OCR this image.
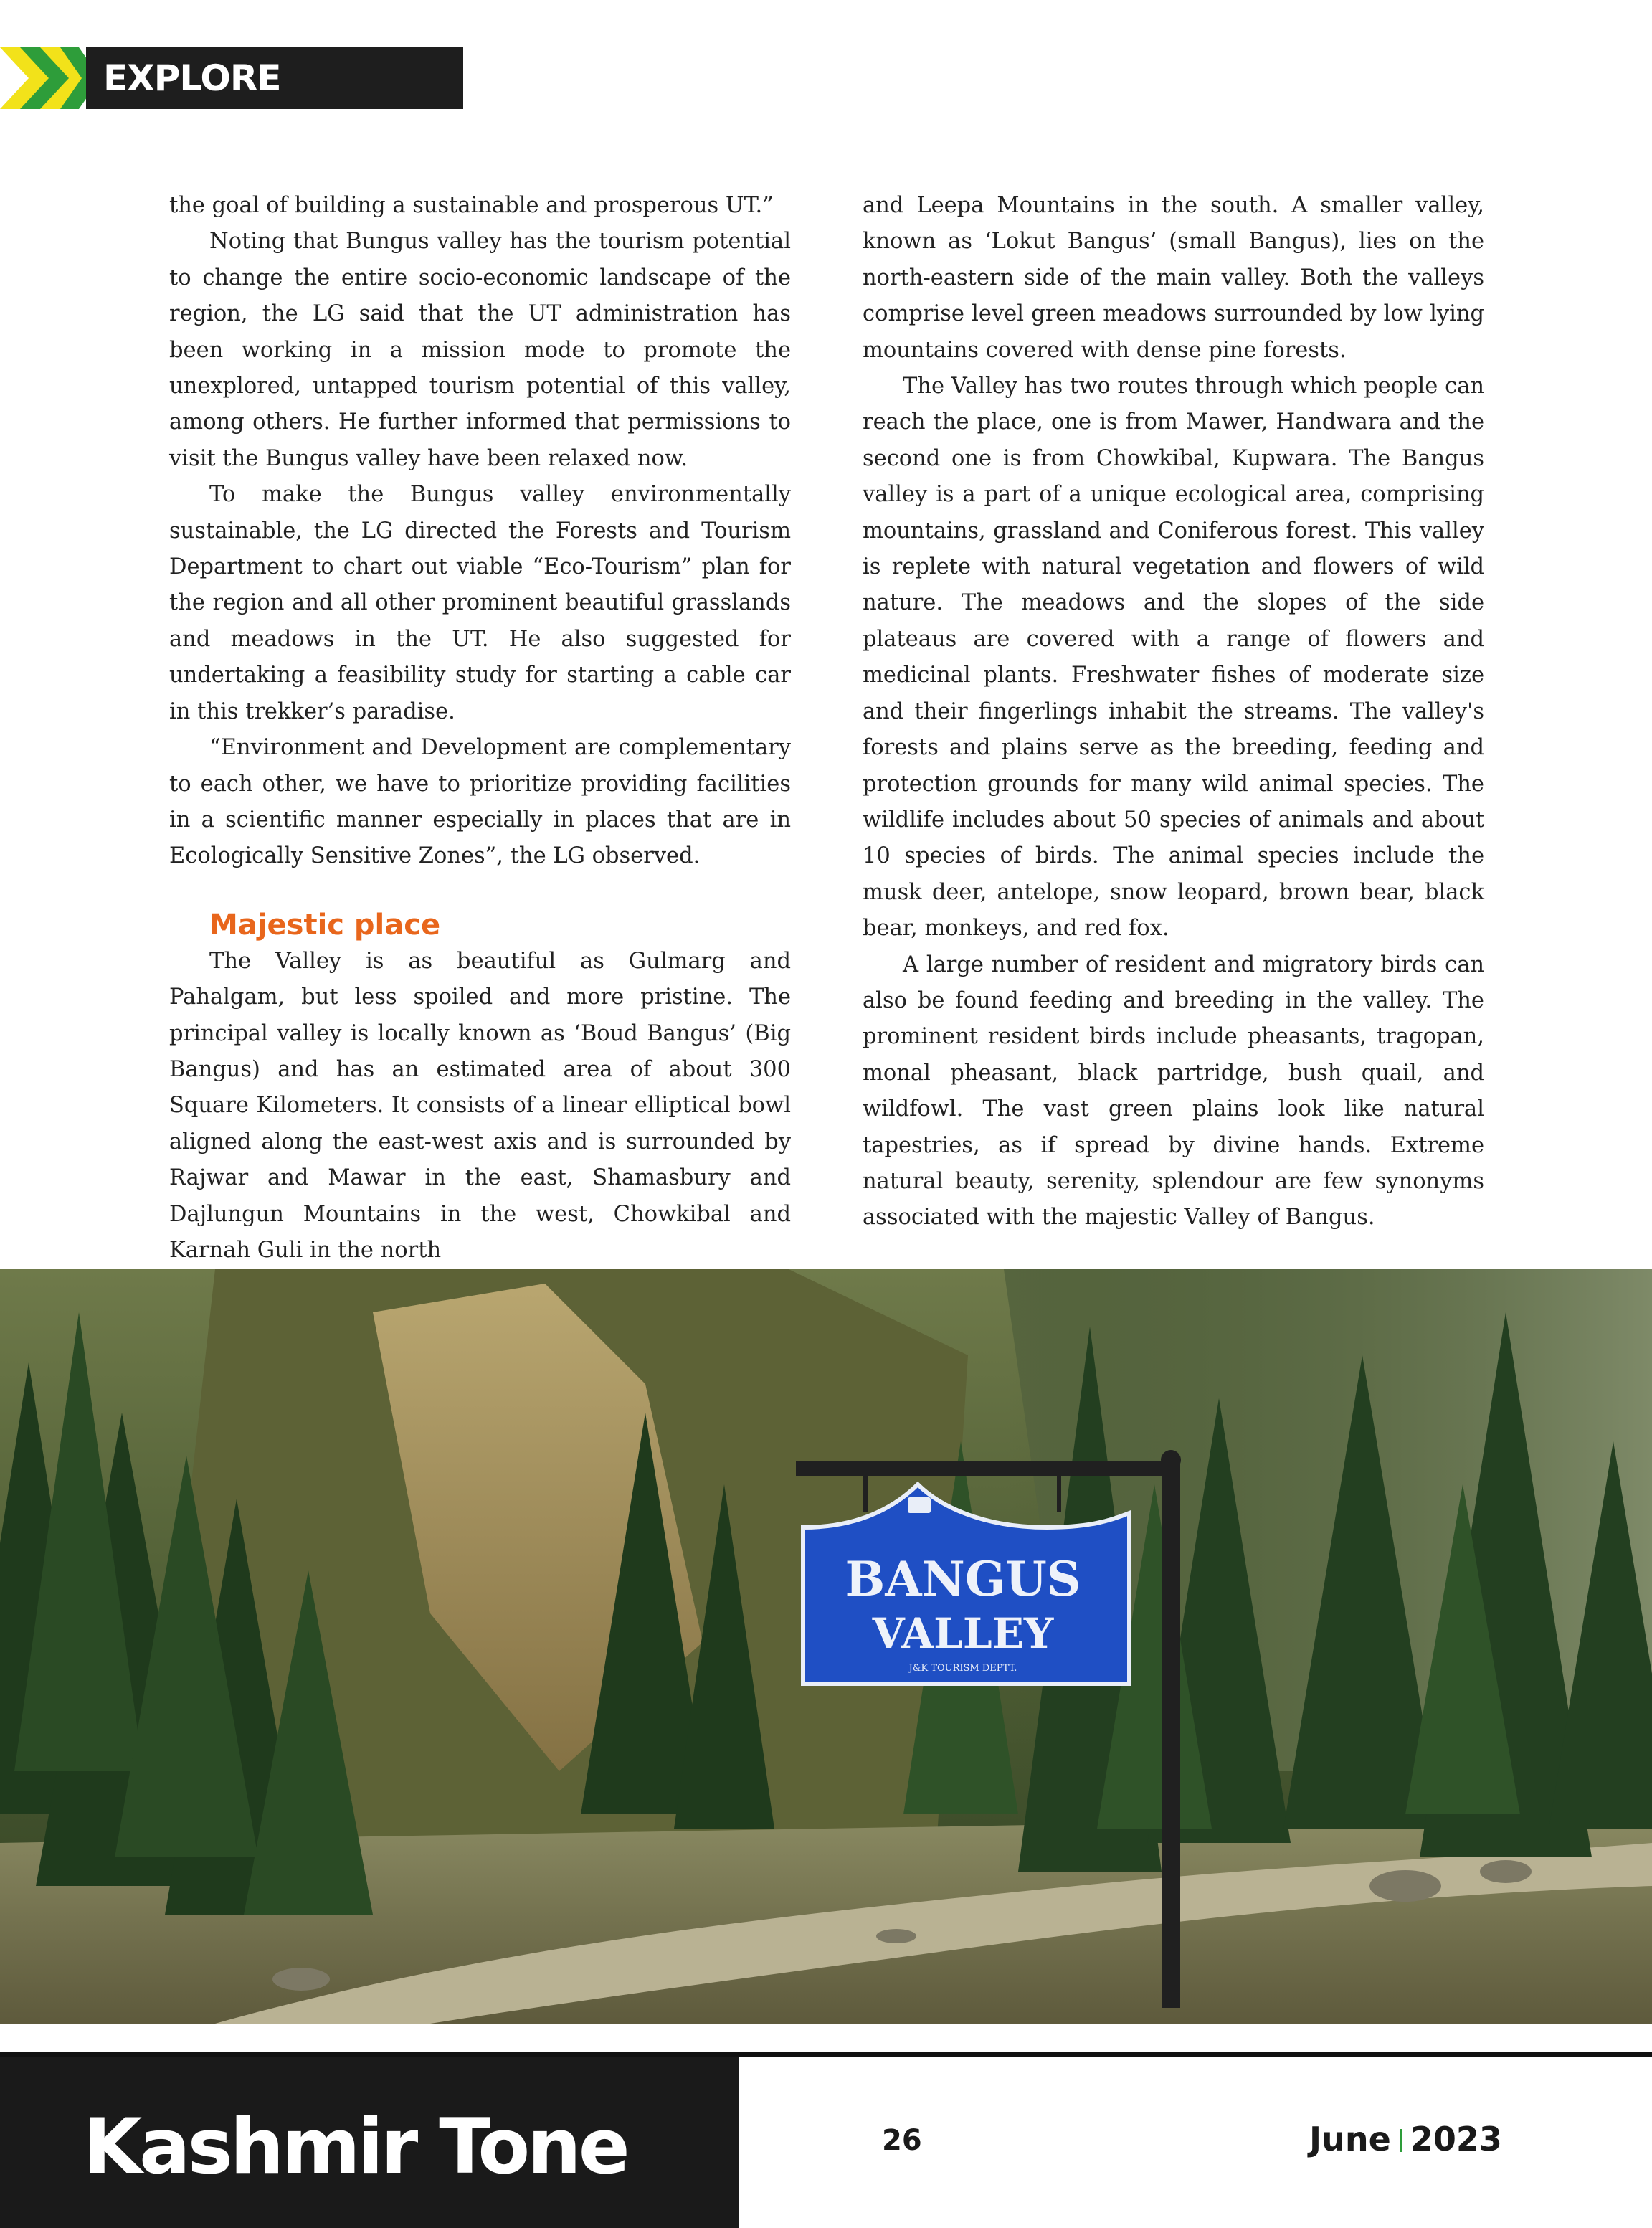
EXPLORE KASHMIR

the goal of building a sustainable and prosperous UT.”

Noting that Bungus valley has the tourism potential to change the entire socio-economic landscape of the region, the LG said that the UT administration has been working in a mission mode to promote the unexplored, untapped tourism potential of this valley, among others. He further informed that permissions to visit the Bungus valley have been relaxed now.

To make the Bungus valley environmentally sustainable, the LG directed the Forests and Tourism Department to chart out viable “Eco-Tourism” plan for the region and all other prominent beautiful grasslands and meadows in the UT. He also suggested for undertaking a feasibility study for starting a cable car in this trekker’s paradise.

“Environment and Development are complementary to each other, we have to prioritize providing facilities in a scientific manner especially in places that are in Ecologically Sensitive Zones”, the LG observed.

Majestic place

The Valley is as beautiful as Gulmarg and Pahalgam, but less spoiled and more pristine. The principal valley is locally known as ‘Boud Bangus’ (Big Bangus) and has an estimated area of about 300 Square Kilometers. It consists of a linear elliptical bowl aligned along the east-west axis and is surrounded by Rajwar and Mawar in the east, Shamasbury and Dajlungun Mountains in the west, Chowkibal and Karnah Guli in the north

and Leepa Mountains in the south. A smaller valley, known as ‘Lokut Bangus’ (small Bangus), lies on the north-eastern side of the main valley. Both the valleys comprise level green meadows surrounded by low lying mountains covered with dense pine forests.

The Valley has two routes through which people can reach the place, one is from Mawer, Handwara and the second one is from Chowkibal, Kupwara. The Bangus valley is a part of a unique ecological area, comprising mountains, grassland and Coniferous forest. This valley is replete with natural vegetation and flowers of wild nature. The meadows and the slopes of the side plateaus are covered with a range of flowers and medicinal plants. Freshwater fishes of moderate size and their fingerlings inhabit the streams. The valley's forests and plains serve as the breeding, feeding and protection grounds for many wild animal species. The wildlife includes about 50 species of animals and about 10 species of birds. The animal species include the musk deer, antelope, snow leopard, brown bear, black bear, monkeys, and red fox.

A large number of resident and migratory birds can also be found feeding and breeding in the valley. The prominent resident birds include pheasants, tragopan, monal pheasant, black partridge, bush quail, and wildfowl. The vast green plains look like natural tapestries, as if spread by divine hands. Extreme natural beauty, serenity, splendour are few synonyms associated with the majestic Valley of Bangus.

BANGUS
VALLEY
J&K TOURISM DEPTT.
Kashmir Tone	26	June 2023
